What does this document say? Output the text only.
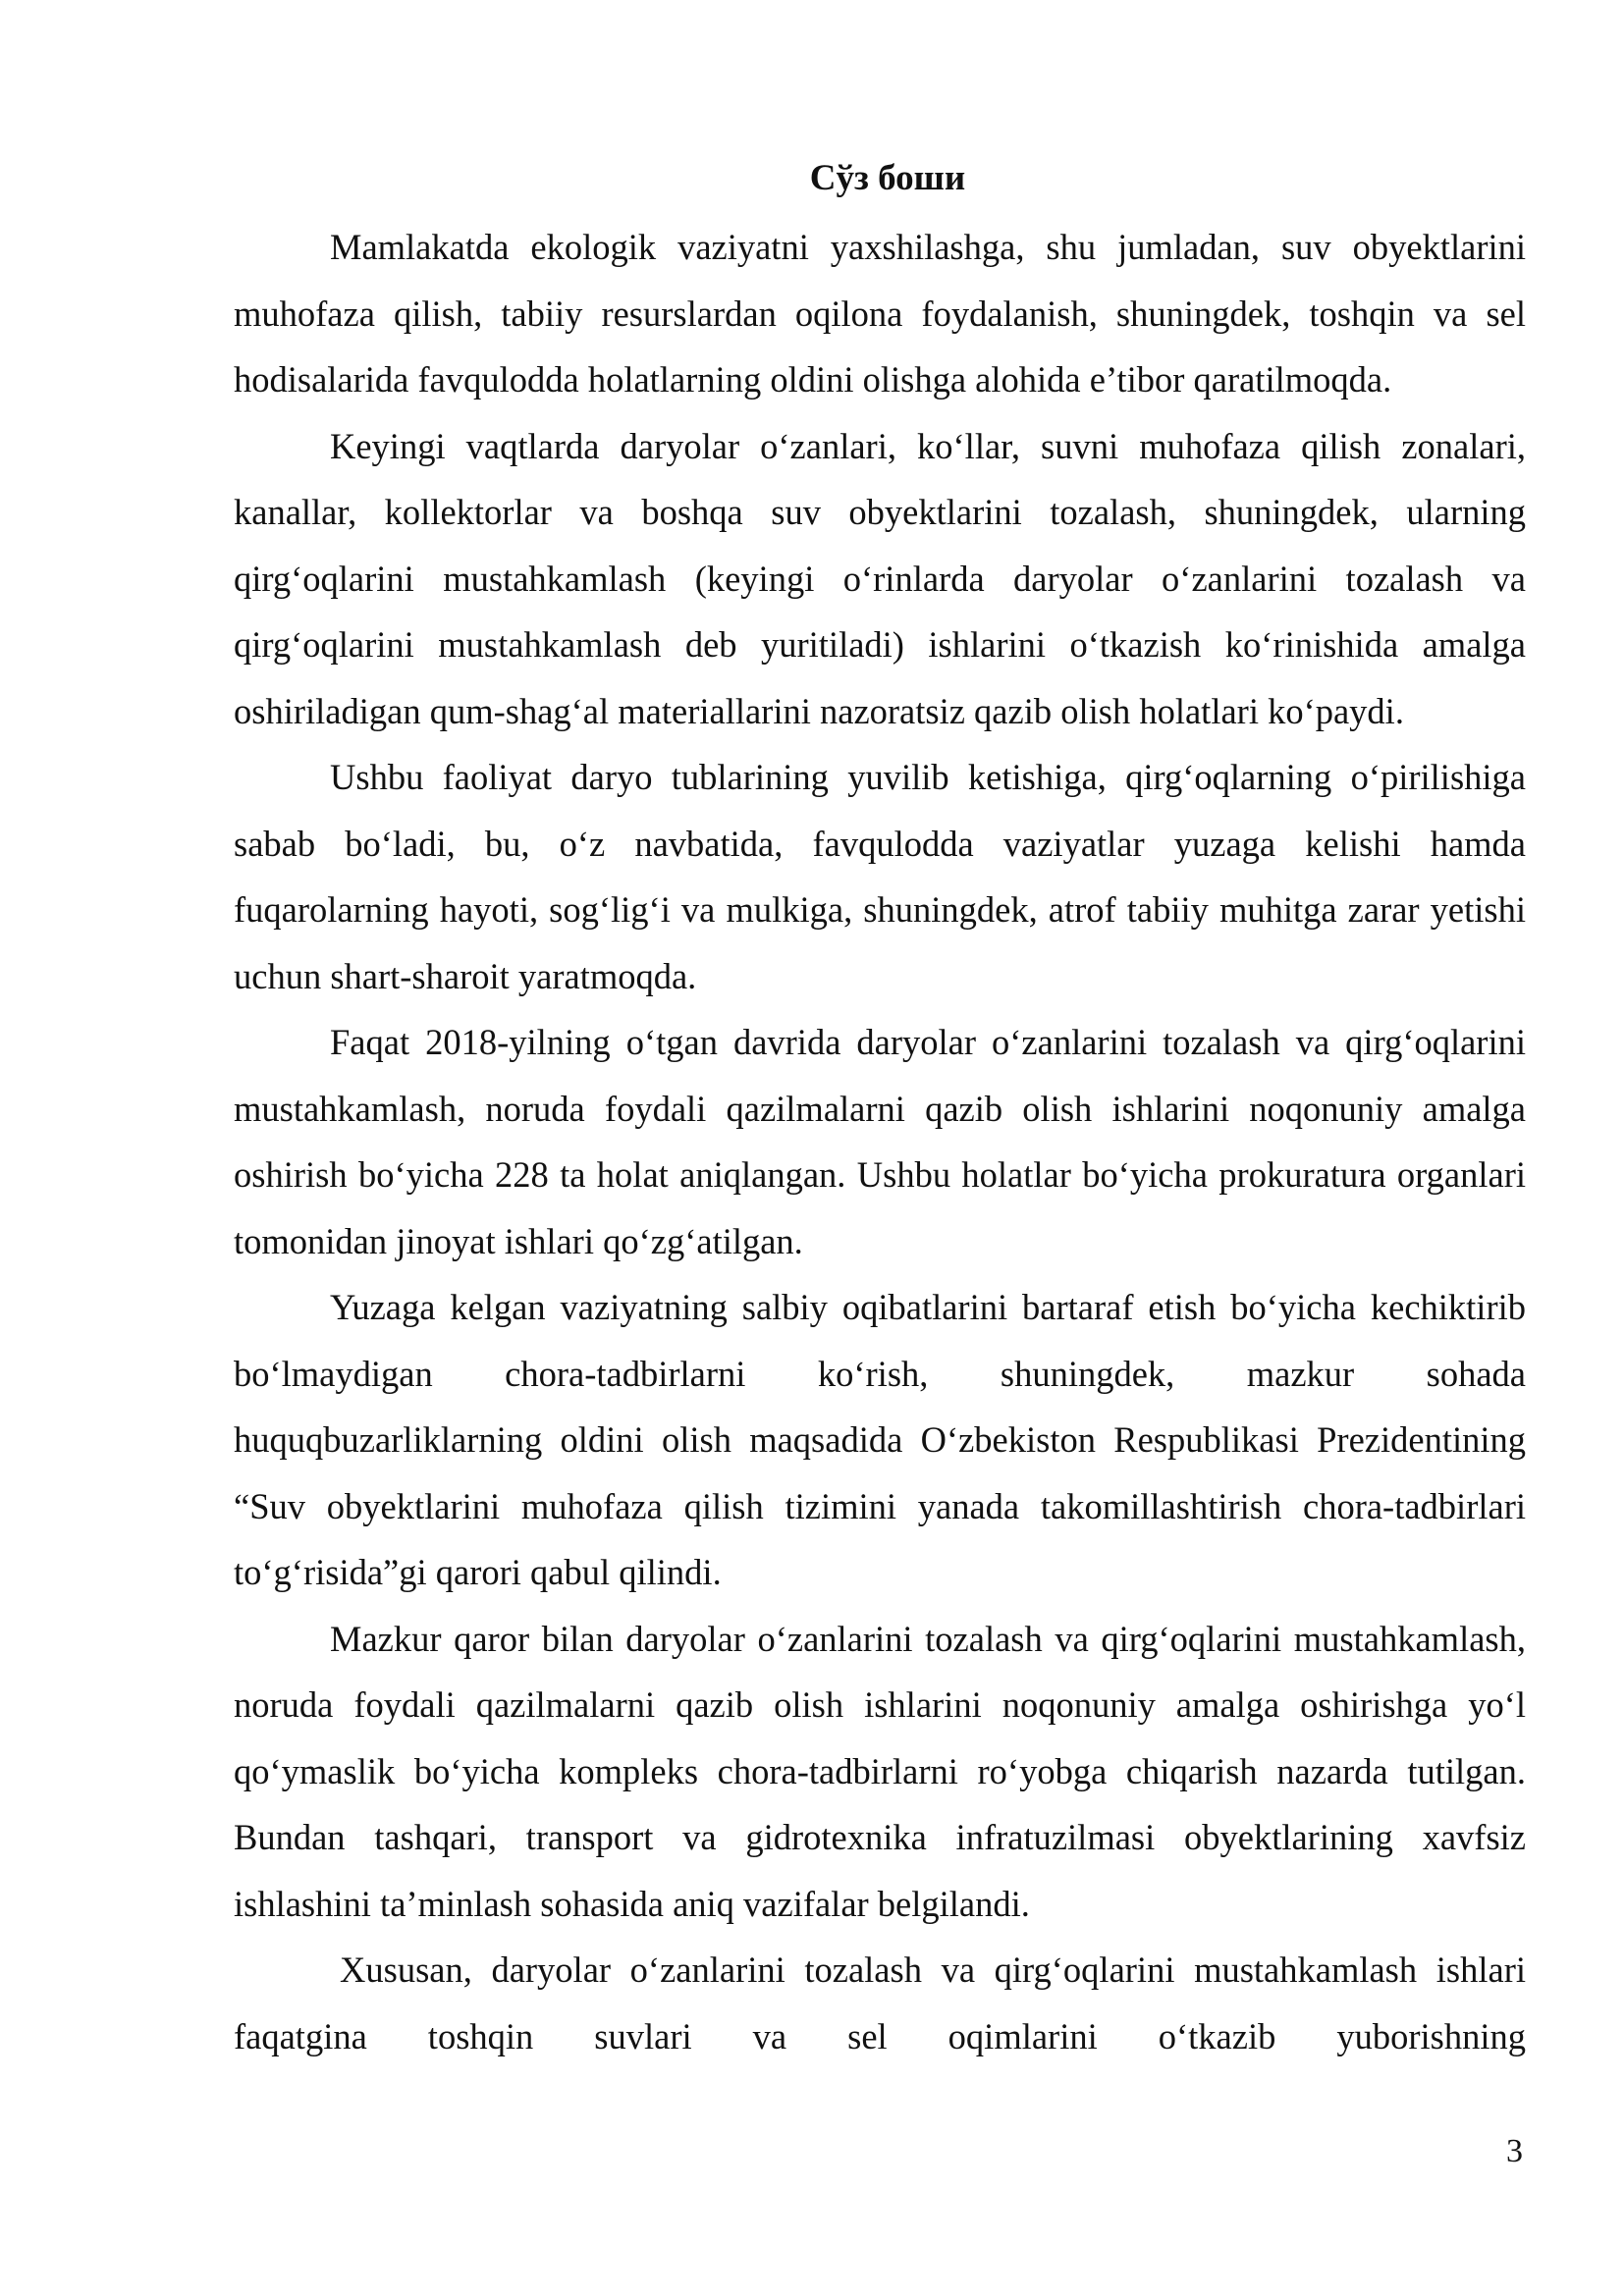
Сўз боши

Mamlakatda ekologik vaziyatni yaxshilashga, shu jumladan, suv obyektlarini muhofaza qilish, tabiiy resurslardan oqilona foydalanish, shuningdek, toshqin va sel hodisalarida favqulodda holatlarning oldini olishga alohida e’tibor qaratilmoqda.

Keyingi vaqtlarda daryolar o‘zanlari, ko‘llar, suvni muhofaza qilish zonalari, kanallar, kollektorlar va boshqa suv obyektlarini tozalash, shuningdek, ularning qirg‘oqlarini mustahkamlash (keyingi o‘rinlarda daryolar o‘zanlarini tozalash va qirg‘oqlarini mustahkamlash deb yuritiladi) ishlarini o‘tkazish ko‘rinishida amalga oshiriladigan qum-shag‘al materiallarini nazoratsiz qazib olish holatlari ko‘paydi.

Ushbu faoliyat daryo tublarining yuvilib ketishiga, qirg‘oqlarning o‘pirilishiga sabab bo‘ladi, bu, o‘z navbatida, favqulodda vaziyatlar yuzaga kelishi hamda fuqarolarning hayoti, sog‘lig‘i va mulkiga, shuningdek, atrof tabiiy muhitga zarar yetishi uchun shart-sharoit yaratmoqda.

Faqat 2018-yilning o‘tgan davrida daryolar o‘zanlarini tozalash va qirg‘oqlarini mustahkamlash, noruda foydali qazilmalarni qazib olish ishlarini noqonuniy amalga oshirish bo‘yicha 228 ta holat aniqlangan. Ushbu holatlar bo‘yicha prokuratura organlari tomonidan jinoyat ishlari qo‘zg‘atilgan.

Yuzaga kelgan vaziyatning salbiy oqibatlarini bartaraf etish bo‘yicha kechiktirib bo‘lmaydigan chora-tadbirlarni ko‘rish, shuningdek, mazkur sohada huquqbuzarliklarning oldini olish maqsadida O‘zbekiston Respublikasi Prezidentining “Suv obyektlarini muhofaza qilish tizimini yanada takomillashtirish chora-tadbirlari to‘g‘risida”gi qarori qabul qilindi.

Mazkur qaror bilan daryolar o‘zanlarini tozalash va qirg‘oqlarini mustahkamlash, noruda foydali qazilmalarni qazib olish ishlarini noqonuniy amalga oshirishga yo‘l qo‘ymaslik bo‘yicha kompleks chora-tadbirlarni ro‘yobga chiqarish nazarda tutilgan. Bundan tashqari, transport va gidrotexnika infratuzilmasi obyektlarining xavfsiz ishlashini ta’minlash sohasida aniq vazifalar belgilandi.

Xususan, daryolar o‘zanlarini tozalash va qirg‘oqlarini mustahkamlash ishlari faqatgina toshqin suvlari va sel oqimlarini o‘tkazib yuborishning

3
